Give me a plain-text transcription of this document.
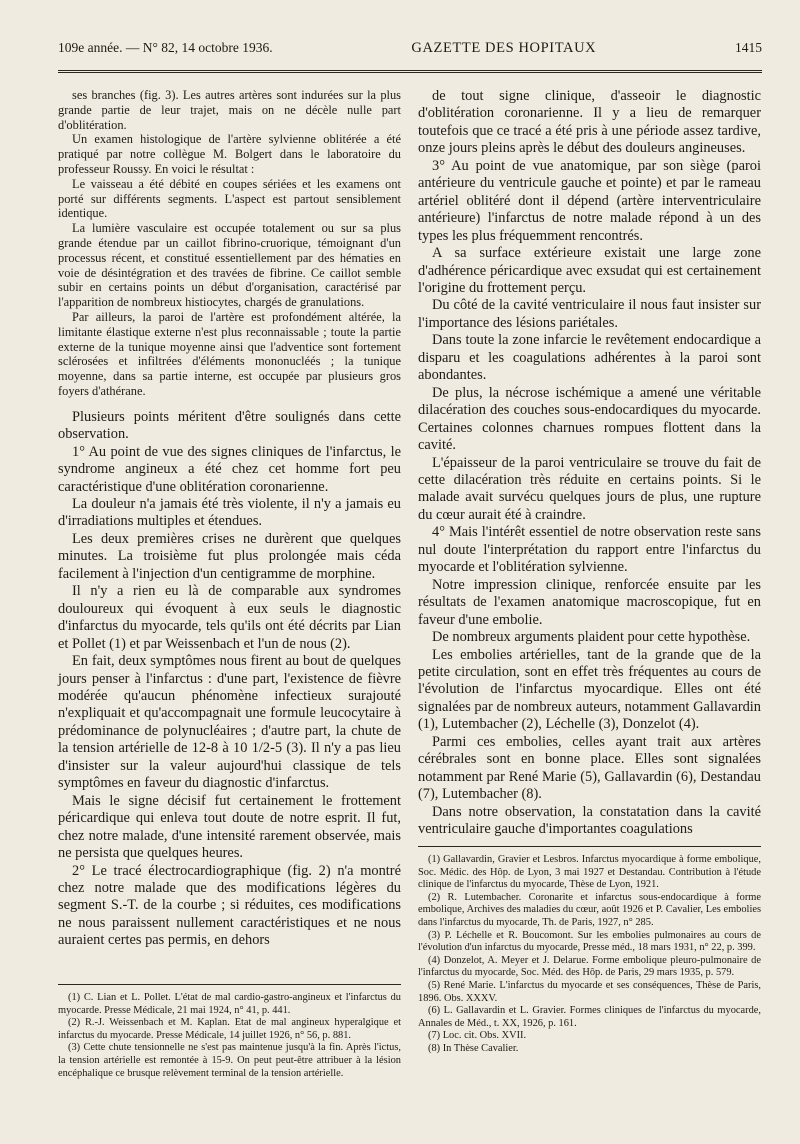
109e année. — N° 82, 14 octobre 1936.	GAZETTE DES HOPITAUX	1415

ses branches (fig. 3). Les autres artères sont indurées sur la plus grande partie de leur trajet, mais on ne décèle nulle part d'oblitération.

Un examen histologique de l'artère sylvienne oblitérée a été pratiqué par notre collègue M. Bolgert dans le laboratoire du professeur Roussy. En voici le résultat :

Le vaisseau a été débité en coupes sériées et les examens ont porté sur différents segments. L'aspect est partout sensiblement identique.

La lumière vasculaire est occupée totalement ou sur sa plus grande étendue par un caillot fibrino-cruorique, témoignant d'un processus récent, et constitué essentiellement par des hématies en voie de désintégration et des travées de fibrine. Ce caillot semble subir en certains points un début d'organisation, caractérisé par l'apparition de nombreux histiocytes, chargés de granulations.

Par ailleurs, la paroi de l'artère est profondément altérée, la limitante élastique externe n'est plus reconnaissable ; toute la partie externe de la tunique moyenne ainsi que l'adventice sont fortement sclérosées et infiltrées d'éléments mononucléés ; la tunique moyenne, dans sa partie interne, est occupée par plusieurs gros foyers d'athérane.

Plusieurs points méritent d'être soulignés dans cette observation.

1° Au point de vue des signes cliniques de l'infarctus, le syndrome angineux a été chez cet homme fort peu caractéristique d'une oblitération coronarienne.

La douleur n'a jamais été très violente, il n'y a jamais eu d'irradiations multiples et étendues.

Les deux premières crises ne durèrent que quelques minutes. La troisième fut plus prolongée mais céda facilement à l'injection d'un centigramme de morphine.

Il n'y a rien eu là de comparable aux syndromes douloureux qui évoquent à eux seuls le diagnostic d'infarctus du myocarde, tels qu'ils ont été décrits par Lian et Pollet (1) et par Weissenbach et l'un de nous (2).

En fait, deux symptômes nous firent au bout de quelques jours penser à l'infarctus : d'une part, l'existence de fièvre modérée qu'aucun phénomène infectieux surajouté n'expliquait et qu'accompagnait une formule leucocytaire à prédominance de polynucléaires ; d'autre part, la chute de la tension artérielle de 12-8 à 10 1/2-5 (3). Il n'y a pas lieu d'insister sur la valeur aujourd'hui classique de tels symptômes en faveur du diagnostic d'infarctus.

Mais le signe décisif fut certainement le frottement péricardique qui enleva tout doute de notre esprit. Il fut, chez notre malade, d'une intensité rarement observée, mais ne persista que quelques heures.

2° Le tracé électrocardiographique (fig. 2) n'a montré chez notre malade que des modifications légères du segment S.-T. de la courbe ; si réduites, ces modifications ne nous paraissent nullement caractéristiques et ne nous auraient certes pas permis, en dehors

(1) C. Lian et L. Pollet. L'état de mal cardio-gastro-angineux et l'infarctus du myocarde. Presse Médicale, 21 mai 1924, n° 41, p. 441.

(2) R.-J. Weissenbach et M. Kaplan. Etat de mal angineux hyperalgique et infarctus du myocarde. Presse Médicale, 14 juillet 1926, n° 56, p. 881.

(3) Cette chute tensionnelle ne s'est pas maintenue jusqu'à la fin. Après l'ictus, la tension artérielle est remontée à 15-9. On peut peut-être attribuer à la lésion encéphalique ce brusque relèvement terminal de la tension artérielle.

de tout signe clinique, d'asseoir le diagnostic d'oblitération coronarienne. Il y a lieu de remarquer toutefois que ce tracé a été pris à une période assez tardive, onze jours pleins après le début des douleurs angineuses.

3° Au point de vue anatomique, par son siège (paroi antérieure du ventricule gauche et pointe) et par le rameau artériel oblitéré dont il dépend (artère interventriculaire antérieure) l'infarctus de notre malade répond à un des types les plus fréquemment rencontrés.

A sa surface extérieure existait une large zone d'adhérence péricardique avec exsudat qui est certainement l'origine du frottement perçu.

Du côté de la cavité ventriculaire il nous faut insister sur l'importance des lésions pariétales.

Dans toute la zone infarcie le revêtement endocardique a disparu et les coagulations adhérentes à la paroi sont abondantes.

De plus, la nécrose ischémique a amené une véritable dilacération des couches sous-endocardiques du myocarde. Certaines colonnes charnues rompues flottent dans la cavité.

L'épaisseur de la paroi ventriculaire se trouve du fait de cette dilacération très réduite en certains points. Si le malade avait survécu quelques jours de plus, une rupture du cœur aurait été à craindre.

4° Mais l'intérêt essentiel de notre observation reste sans nul doute l'interprétation du rapport entre l'infarctus du myocarde et l'oblitération sylvienne.

Notre impression clinique, renforcée ensuite par les résultats de l'examen anatomique macroscopique, fut en faveur d'une embolie.

De nombreux arguments plaident pour cette hypothèse.

Les embolies artérielles, tant de la grande que de la petite circulation, sont en effet très fréquentes au cours de l'évolution de l'infarctus myocardique. Elles ont été signalées par de nombreux auteurs, notamment Gallavardin (1), Lutembacher (2), Léchelle (3), Donzelot (4).

Parmi ces embolies, celles ayant trait aux artères cérébrales sont en bonne place. Elles sont signalées notamment par René Marie (5), Gallavardin (6), Destandau (7), Lutembacher (8).

Dans notre observation, la constatation dans la cavité ventriculaire gauche d'importantes coagulations

(1) Gallavardin, Gravier et Lesbros. Infarctus myocardique à forme embolique, Soc. Médic. des Hôp. de Lyon, 3 mai 1927 et Destandau. Contribution à l'étude clinique de l'infarctus du myocarde, Thèse de Lyon, 1921.

(2) R. Lutembacher. Coronarite et infarctus sous-endocardique à forme embolique, Archives des maladies du cœur, août 1926 et P. Cavalier, Les embolies dans l'infarctus du myocarde, Th. de Paris, 1927, n° 285.

(3) P. Léchelle et R. Boucomont. Sur les embolies pulmonaires au cours de l'évolution d'un infarctus du myocarde, Presse méd., 18 mars 1931, n° 22, p. 399.

(4) Donzelot, A. Meyer et J. Delarue. Forme embolique pleuro-pulmonaire de l'infarctus du myocarde, Soc. Méd. des Hôp. de Paris, 29 mars 1935, p. 579.

(5) René Marie. L'infarctus du myocarde et ses conséquences, Thèse de Paris, 1896. Obs. XXXV.

(6) L. Gallavardin et L. Gravier. Formes cliniques de l'infarctus du myocarde, Annales de Méd., t. XX, 1926, p. 161.

(7) Loc. cit. Obs. XVII.

(8) In Thèse Cavalier.
